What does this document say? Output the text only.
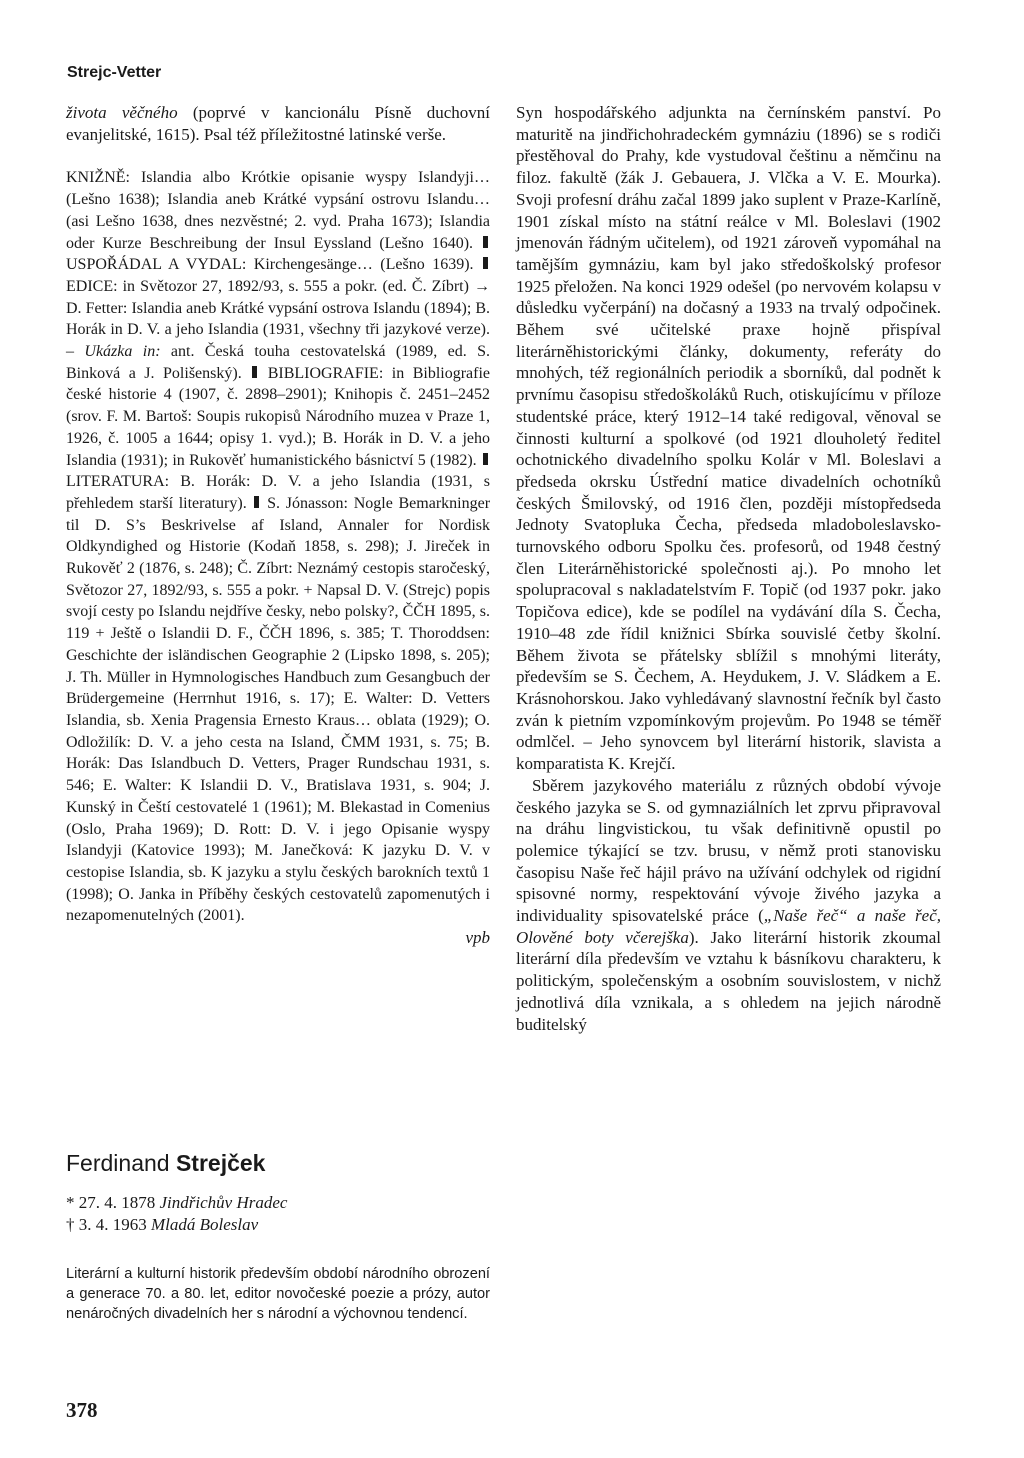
Strejc-Vetter

života věčného (poprvé v kancionálu Písně duchovní evanjelitské, 1615). Psal též příležitostné latinské verše.

KNIŽNĚ: Islandia albo Krótkie opisanie wyspy Islandyji… (Lešno 1638); Islandia aneb Krátké vypsání ostrovu Islandu… (asi Lešno 1638, dnes nezvěstné; 2. vyd. Praha 1673); Islandia oder Kurze Beschreibung der Insul Eyssland (Lešno 1640).  USPOŘÁDAL A VYDAL: Kirchengesänge… (Lešno 1639).  EDICE: in Světozor 27, 1892/93, s. 555 a pokr. (ed. Č. Zíbrt) → D. Fetter: Islandia aneb Krátké vypsání ostrova Islandu (1894); B. Horák in D. V. a jeho Islandia (1931, všechny tři jazykové verze). – Ukázka in: ant. Česká touha cestovatelská (1989, ed. S. Binková a J. Polišenský). BIBLIOGRAFIE: in Bibliografie české historie 4 (1907, č. 2898–2901); Knihopis č. 2451–2452 (srov. F. M. Bartoš: Soupis rukopisů Národního muzea v Praze 1, 1926, č. 1005 a 1644; opisy 1. vyd.); B. Horák in D. V. a jeho Islandia (1931); in Rukověť humanistického básnictví 5 (1982).  LITERATURA: B. Horák: D. V. a jeho Islandia (1931, s přehledem starší literatury). S. Jónasson: Nogle Bemarkninger til D. S’s Beskrivelse af Island, Annaler for Nordisk Oldkyndighed og Historie (Kodaň 1858, s. 298); J. Jireček in Rukověť 2 (1876, s. 248); Č. Zíbrt: Neznámý cestopis staročeský, Světozor 27, 1892/93, s. 555 a pokr. + Napsal D. V. (Strejc) popis svojí cesty po Islandu nejdříve česky, nebo polsky?, ČČH 1895, s. 119 + Ještě o Islandii D. F., ČČH 1896, s. 385; T. Thoroddsen: Geschichte der isländischen Geographie 2 (Lipsko 1898, s. 205); J. Th. Müller in Hymnologisches Handbuch zum Gesangbuch der Brüdergemeine (Herrnhut 1916, s. 17); E. Walter: D. Vetters Islandia, sb. Xenia Pragensia Ernesto Kraus… oblata (1929); O. Odložilík: D. V. a jeho cesta na Island, ČMM 1931, s. 75; B. Horák: Das Islandbuch D. Vetters, Prager Rundschau 1931, s. 546; E. Walter: K Islandii D. V., Bratislava 1931, s. 904; J. Kunský in Čeští cestovatelé 1 (1961); M. Blekastad in Comenius (Oslo, Praha 1969); D. Rott: D. V. i jego Opisanie wyspy Islandyji (Katovice 1993); M. Janečková: K jazyku D. V. v cestopise Islandia, sb. K jazyku a stylu českých barokních textů 1 (1998); O. Janka in Příběhy českých cestovatelů zapomenutých i nezapomenutelných (2001).

vpb

Ferdinand Strejček
* 27. 4. 1878 Jindřichův Hradec
† 3. 4. 1963 Mladá Boleslav
Literární a kulturní historik především období národního obrození a generace 70. a 80. let, editor novočeské poezie a prózy, autor nenáročných divadelních her s národní a výchovnou tendencí.

Syn hospodářského adjunkta na černínském panství. Po maturitě na jindřichohradeckém gymnáziu (1896) se s rodiči přestěhoval do Prahy, kde vystudoval češtinu a němčinu na filoz. fakultě (žák J. Gebauera, J. Vlčka a V. E. Mourka). Svoji profesní dráhu začal 1899 jako suplent v Praze-Karlíně, 1901 získal místo na státní reálce v Ml. Boleslavi (1902 jmenován řádným učitelem), od 1921 zároveň vypomáhal na tamějším gymnáziu, kam byl jako středoškolský profesor 1925 přeložen. Na konci 1929 odešel (po nervovém kolapsu v důsledku vyčerpání) na dočasný a 1933 na trvalý odpočinek. Během své učitelské praxe hojně přispíval literárněhistorickými články, dokumenty, referáty do mnohých, též regionálních periodik a sborníků, dal podnět k prvnímu časopisu středoškoláků Ruch, otiskujícímu v příloze studentské práce, který 1912–14 také redigoval, věnoval se činnosti kulturní a spolkové (od 1921 dlouholetý ředitel ochotnického divadelního spolku Kolár v Ml. Boleslavi a předseda okrsku Ústřední matice divadelních ochotníků českých Šmilovský, od 1916 člen, později místopředseda Jednoty Svatopluka Čecha, předseda mladoboleslavsko-turnovského odboru Spolku čes. profesorů, od 1948 čestný člen Literárněhistorické společnosti aj.). Po mnoho let spolupracoval s nakladatelstvím F. Topič (od 1937 pokr. jako Topičova edice), kde se podílel na vydávání díla S. Čecha, 1910–48 zde řídil knižnici Sbírka souvislé četby školní. Během života se přátelsky sblížil s mnohými literáty, především se S. Čechem, A. Heydukem, J. V. Sládkem a E. Krásnohorskou. Jako vyhledávaný slavnostní řečník byl často zván k pietním vzpomínkovým projevům. Po 1948 se téměř odmlčel. – Jeho synovcem byl literární historik, slavista a komparatista K. Krejčí.

Sběrem jazykového materiálu z různých období vývoje českého jazyka se S. od gymnaziálních let zprvu připravoval na dráhu lingvistickou, tu však definitivně opustil po polemice týkající se tzv. brusu, v němž proti stanovisku časopisu Naše řeč hájil právo na užívání odchylek od rigidní spisovné normy, respektování vývoje živého jazyka a individuality spisovatelské práce („Naše řeč“ a naše řeč, Olověné boty včerejška). Jako literární historik zkoumal literární díla především ve vztahu k básníkovu charakteru, k politickým, společenským a osobním souvislostem, v nichž jednotlivá díla vznikala, a s ohledem na jejich národně buditelský

378
